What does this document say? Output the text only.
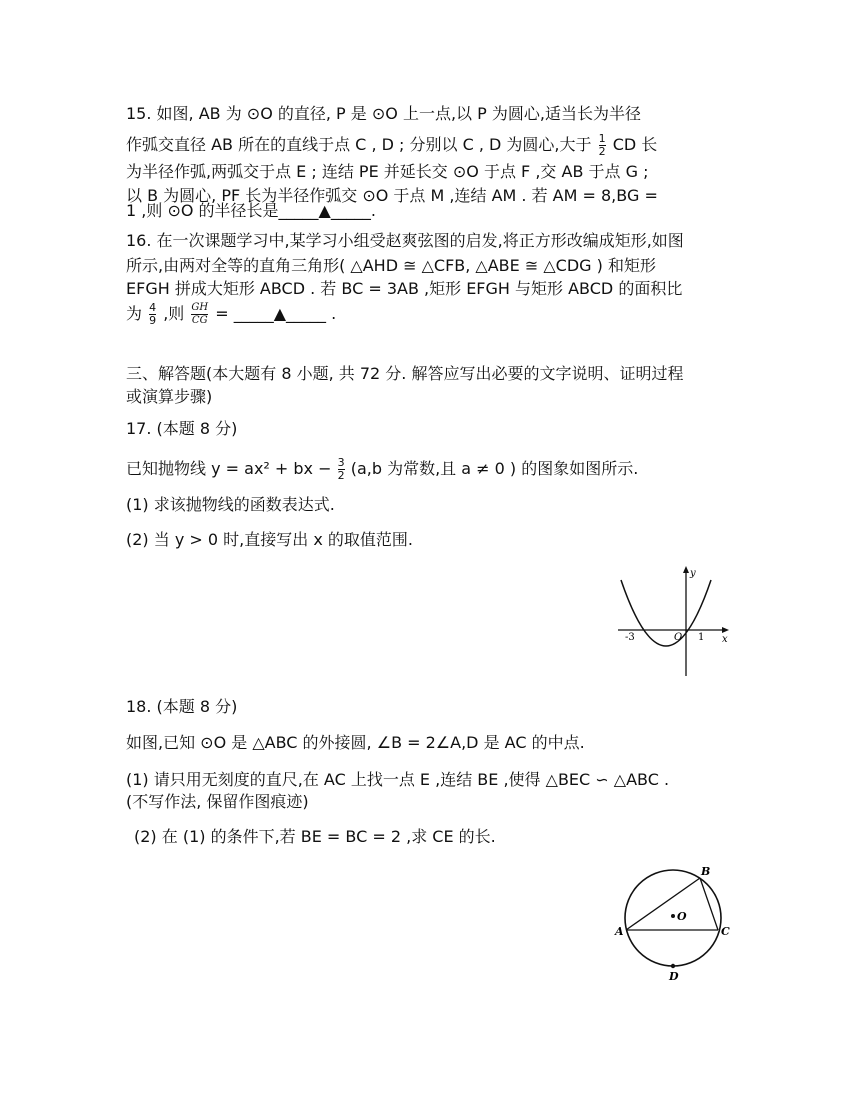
15. 如图, AB 为 ⊙O 的直径, P 是 ⊙O 上一点,以 P 为圆心,适当长为半径
作弧交直径 AB 所在的直线于点 C , D ; 分别以 C , D 为圆心,大于 $\frac{1}{2}$ CD 长
为半径作弧,两弧交于点 E ; 连结 PE 并延长交 ⊙O 于点 F ,交 AB 于点 G ;
以 B 为圆心, PF 长为半径作弧交 ⊙O 于点 M ,连结 AM . 若 AM = 8,BG =
1 ,则 ⊙O 的半径长是_____▲_____.
16. 在一次课题学习中,某学习小组受赵爽弦图的启发,将正方形改编成矩形,如图
所示,由两对全等的直角三角形( △AHD ≅ △CFB, △ABE ≅ △CDG ) 和矩形
EFGH 拼成大矩形 ABCD . 若 BC = 3AB ,矩形 EFGH 与矩形 ABCD 的面积比
为 $\frac{4}{9}$ ,则 $\frac{GH}{CG}$ = _____▲_____ .
三、解答题(本大题有 8 小题, 共 72 分. 解答应写出必要的文字说明、证明过程
或演算步骤)
17. (本题 8 分)
已知抛物线 y = ax² + bx − $\frac{3}{2} (a,b$ 为常数,且 a ≠ 0 ) 的图象如图所示.
(1) 求该抛物线的函数表达式.
(2) 当 y > 0 时,直接写出 x 的取值范围.
x
y
O
-3	1
18. (本题 8 分)
如图,已知 ⊙O 是 △ABC 的外接圆, ∠B = 2∠A,D 是 AC 的中点.
(1) 请只用无刻度的直尺,在 AC 上找一点 E ,连结 BE ,使得 △BEC ∽ △ABC .
(不写作法, 保留作图痕迹)
(2) 在 (1) 的条件下,若 BE = BC = 2 ,求 CE 的长.
A
B
C
D
O
